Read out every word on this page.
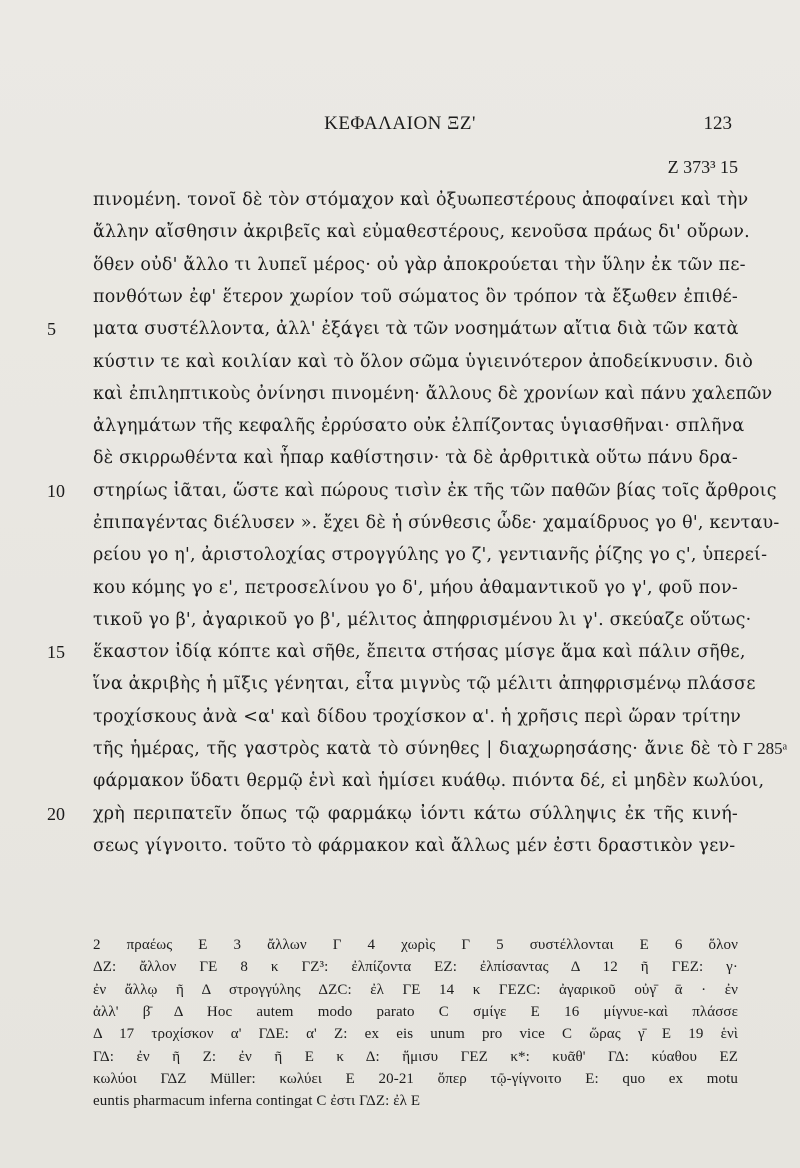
ΚΕΦΑΛΑΙΟΝ ΞΖ'	123
Z 373³ 15
πινομένη. τονοῖ δὲ τὸν στόμαχον καὶ ὀξυωπεστέρους ἀποφαίνει καὶ τὴν
ἄλλην αἴσθησιν ἀκριβεῖς καὶ εὐμαθεστέρους, κενοῦσα πράως δι' οὔρων.
ὅθεν οὐδ' ἄλλο τι λυπεῖ μέρος· οὐ γὰρ ἀποκρούεται τὴν ὕλην ἐκ τῶν πε-
πονθότων ἐφ' ἕτερον χωρίον τοῦ σώματος ὃν τρόπον τὰ ἔξωθεν ἐπιθέ-
ματα συστέλλοντα, ἀλλ' ἐξάγει τὰ τῶν νοσημάτων αἴτια διὰ τῶν κατὰ
5
κύστιν τε καὶ κοιλίαν καὶ τὸ ὅλον σῶμα ὑγιεινότερον ἀποδείκνυσιν. διὸ
καὶ ἐπιληπτικοὺς ὀνίνησι πινομένη· ἄλλους δὲ χρονίων καὶ πάνυ χαλεπῶν
ἀλγημάτων τῆς κεφαλῆς ἐρρύσατο οὐκ ἐλπίζοντας ὑγιασθῆναι· σπλῆνα
δὲ σκιρρωθέντα καὶ ἧπαρ καθίστησιν· τὰ δὲ ἀρθριτικὰ οὕτω πάνυ δρα-
στηρίως ἰᾶται, ὥστε καὶ πώρους τισὶν ἐκ τῆς τῶν παθῶν βίας τοῖς ἄρθροις
10
ἐπιπαγέντας διέλυσεν ». ἔχει δὲ ἡ σύνθεσις ὧδε· χαμαίδρυος γο θ', κενταυ-
ρείου γο η', ἀριστολοχίας στρογγύλης γο ζ', γεντιανῆς ῥίζης γο ς', ὑπερεί-
κου κόμης γο ε', πετροσελίνου γο δ', μήου ἀθαμαντικοῦ γο γ', φοῦ πον-
τικοῦ γο β', ἀγαρικοῦ γο β', μέλιτος ἀπηφρισμένου λι γ'. σκεύαζε οὕτως·
ἕκαστον ἰδίᾳ κόπτε καὶ σῆθε, ἔπειτα στήσας μίσγε ἅμα καὶ πάλιν σῆθε,
15
ἵνα ἀκριβὴς ἡ μῖξις γένηται, εἶτα μιγνὺς τῷ μέλιτι ἀπηφρισμένῳ πλάσσε
τροχίσκους ἀνὰ <α' καὶ δίδου τροχίσκον α'. ἡ χρῆσις περὶ ὥραν τρίτην
τῆς ἡμέρας, τῆς γαστρὸς κατὰ τὸ σύνηθες | διαχωρησάσης· ἄνιε δὲ τὸ Γ 285ᵃ
φάρμακον ὕδατι θερμῷ ἑνὶ καὶ ἡμίσει κυάθῳ. πιόντα δέ, εἰ μηδὲν κωλύοι,
χρὴ περιπατεῖν ὅπως τῷ φαρμάκῳ ἰόντι κάτω σύλληψις ἐκ τῆς κινή-
20
σεως γίγνοιτο. τοῦτο τὸ φάρμακον καὶ ἄλλως μέν ἐστι δραστικὸν γεν-
2 πραέως E 3 ἄλλων Γ 4 χωρὶς Γ 5 συστέλλονται E 6 ὅλον
ΔΖ: ἄλλον ΓΕ 8 κ ΓΖ³: ἐλπίζοντα ΕΖ: ἐλπίσαντας Δ 12 ῆ ΓΕΖ: γ·
ἐν ἄλλῳ ῆ Δ στρογγύλης ΔΖC: ἐλ ΓΕ 14 κ ΓΕΖC: ἀγαρικοῦ οὐγ̄ ᾱ · ἐν
ἀλλ' β̄ Δ Hoc autem modo parato C σμίγε Ε 16 μίγνυε-καὶ πλάσσε
Δ 17 τροχίσκον α' ΓΔΕ: α' Ζ: ex eis unum pro vice C ὥρας γ̄ Ε 19 ἑνὶ
ΓΔ: ἐν ῆ Ζ: ἐν ῆ Ε κ Δ: ἥμισυ ΓΕΖ κ*: κυᾶθ' ΓΔ: κύαθου ΕΖ
κωλύοι ΓΔΖ Müller: κωλύει Ε 20-21 ὅπερ τῷ-γίγνοιτο Ε: quo ex motu
euntis pharmacum inferna contingat C ἐστι ΓΔΖ: ἐλ Ε
